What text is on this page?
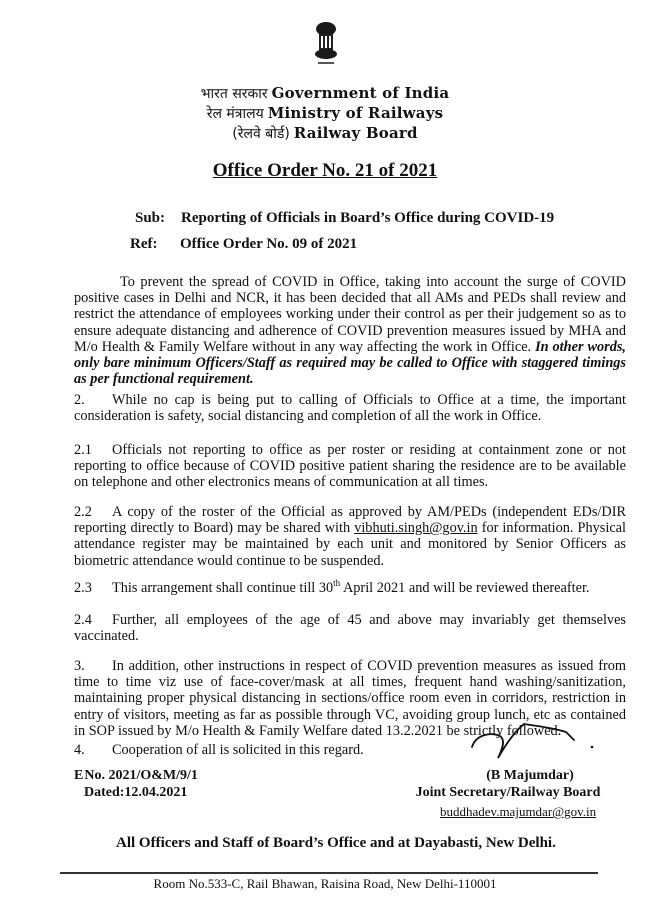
भारत सरकार Government of India
रेल मंत्रालय Ministry of Railways
(रेलवे बोर्ड) Railway Board
Office Order No. 21 of 2021
Sub: Reporting of Officials in Board’s Office during COVID-19
Ref: Office Order No. 09 of 2021
To prevent the spread of COVID in Office, taking into account the surge of COVID positive cases in Delhi and NCR, it has been decided that all AMs and PEDs shall review and restrict the attendance of employees working under their control as per their judgement so as to ensure adequate distancing and adherence of COVID prevention measures issued by MHA and M/o Health & Family Welfare without in any way affecting the work in Office. In other words, only bare minimum Officers/Staff as required may be called to Office with staggered timings as per functional requirement.
2. While no cap is being put to calling of Officials to Office at a time, the important consideration is safety, social distancing and completion of all the work in Office.
2.1 Officials not reporting to office as per roster or residing at containment zone or not reporting to office because of COVID positive patient sharing the residence are to be available on telephone and other electronics means of communication at all times.
2.2 A copy of the roster of the Official as approved by AM/PEDs (independent EDs/DIR reporting directly to Board) may be shared with vibhuti.singh@gov.in for information. Physical attendance register may be maintained by each unit and monitored by Senior Officers as biometric attendance would continue to be suspended.
2.3 This arrangement shall continue till 30th April 2021 and will be reviewed thereafter.
2.4 Further, all employees of the age of 45 and above may invariably get themselves vaccinated.
3. In addition, other instructions in respect of COVID prevention measures as issued from time to time viz use of face-cover/mask at all times, frequent hand washing/sanitization, maintaining proper physical distancing in sections/office room even in corridors, restriction in entry of visitors, meeting as far as possible through VC, avoiding group lunch, etc as contained in SOP issued by M/o Health & Family Welfare dated 13.2.2021 be strictly followed.
4. Cooperation of all is solicited in this regard.
ENo. 2021/O&M/9/1
Dated:12.04.2021
(B Majumdar)
Joint Secretary/Railway Board
buddhadev.majumdar@gov.in
All Officers and Staff of Board’s Office and at Dayabasti, New Delhi.
Room No.533-C, Rail Bhawan, Raisina Road, New Delhi-110001
